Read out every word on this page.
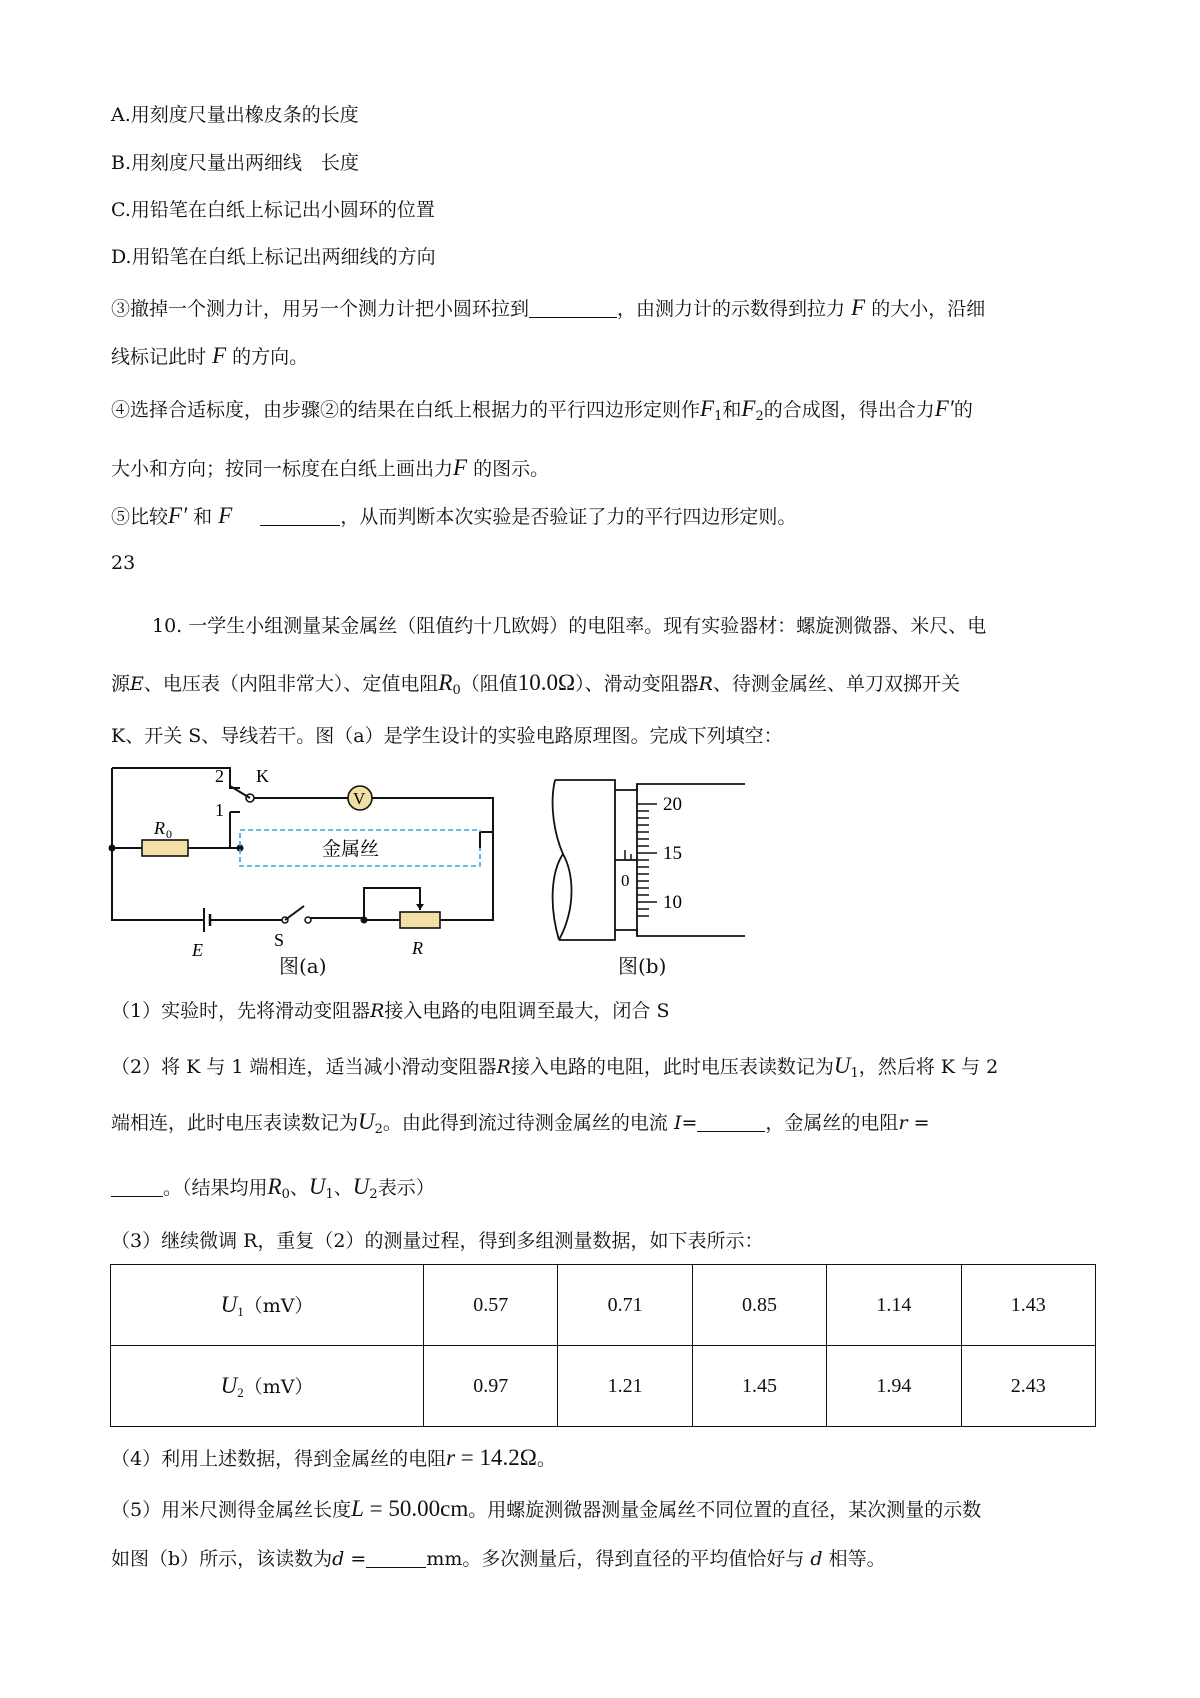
A.用刻度尺量出橡皮条的长度
B.用刻度尺量出两细线　长度
C.用铅笔在白纸上标记出小圆环的位置
D.用铅笔在白纸上标记出两细线的方向
③撤掉一个测力计，用另一个测力计把小圆环拉到	，由测力计的示数得到拉力 F 的大小，沿细
线标记此时 F 的方向。
④选择合适标度，由步骤②的结果在白纸上根据力的平行四边形定则作$F_1$和$F_2$的合成图，得出合力F′的
大小和方向；按同一标度在白纸上画出力F 的图示。
⑤比较F′ 和 F	，从而判断本次实验是否验证了力的平行四边形定则。
23
10. 一学生小组测量某金属丝（阻值约十几欧姆）的电阻率。现有实验器材：螺旋测微器、米尺、电
源E、电压表（内阻非常大）、定值电阻$R_0$（阻值10.0Ω）、滑动变阻器R、待测金属丝、单刀双掷开关
K、开关 S、导线若干。图（a）是学生设计的实验电路原理图。完成下列填空：
2 K
1
V
R 0
金属丝
E	S	R
图(a)
20
15
10
0
图(b)
（1）实验时，先将滑动变阻器R接入电路的电阻调至最大，闭合 S
（2）将 K 与 1 端相连，适当减小滑动变阻器R接入电路的电阻，此时电压表读数记为$U_1$，然后将 K 与 2
端相连，此时电压表读数记为$U_2$。由此得到流过待测金属丝的电流 I=	，金属丝的电阻r =
。（结果均用$R_0$、$U_1$、$U_2$表示）
（3）继续微调 R，重复（2）的测量过程，得到多组测量数据，如下表所示：
$U_1(mV)$	0.57	0.71	0.85	1.14	1.43
$U_2(mV)$	0.97	1.21	1.45	1.94	2.43
（4）利用上述数据，得到金属丝的电阻r = 14.2Ω。
（5）用米尺测得金属丝长度L = 50.00cm。用螺旋测微器测量金属丝不同位置的直径，某次测量的示数
如图（b）所示，该读数为d =	mm。多次测量后，得到直径的平均值恰好与 d 相等。
